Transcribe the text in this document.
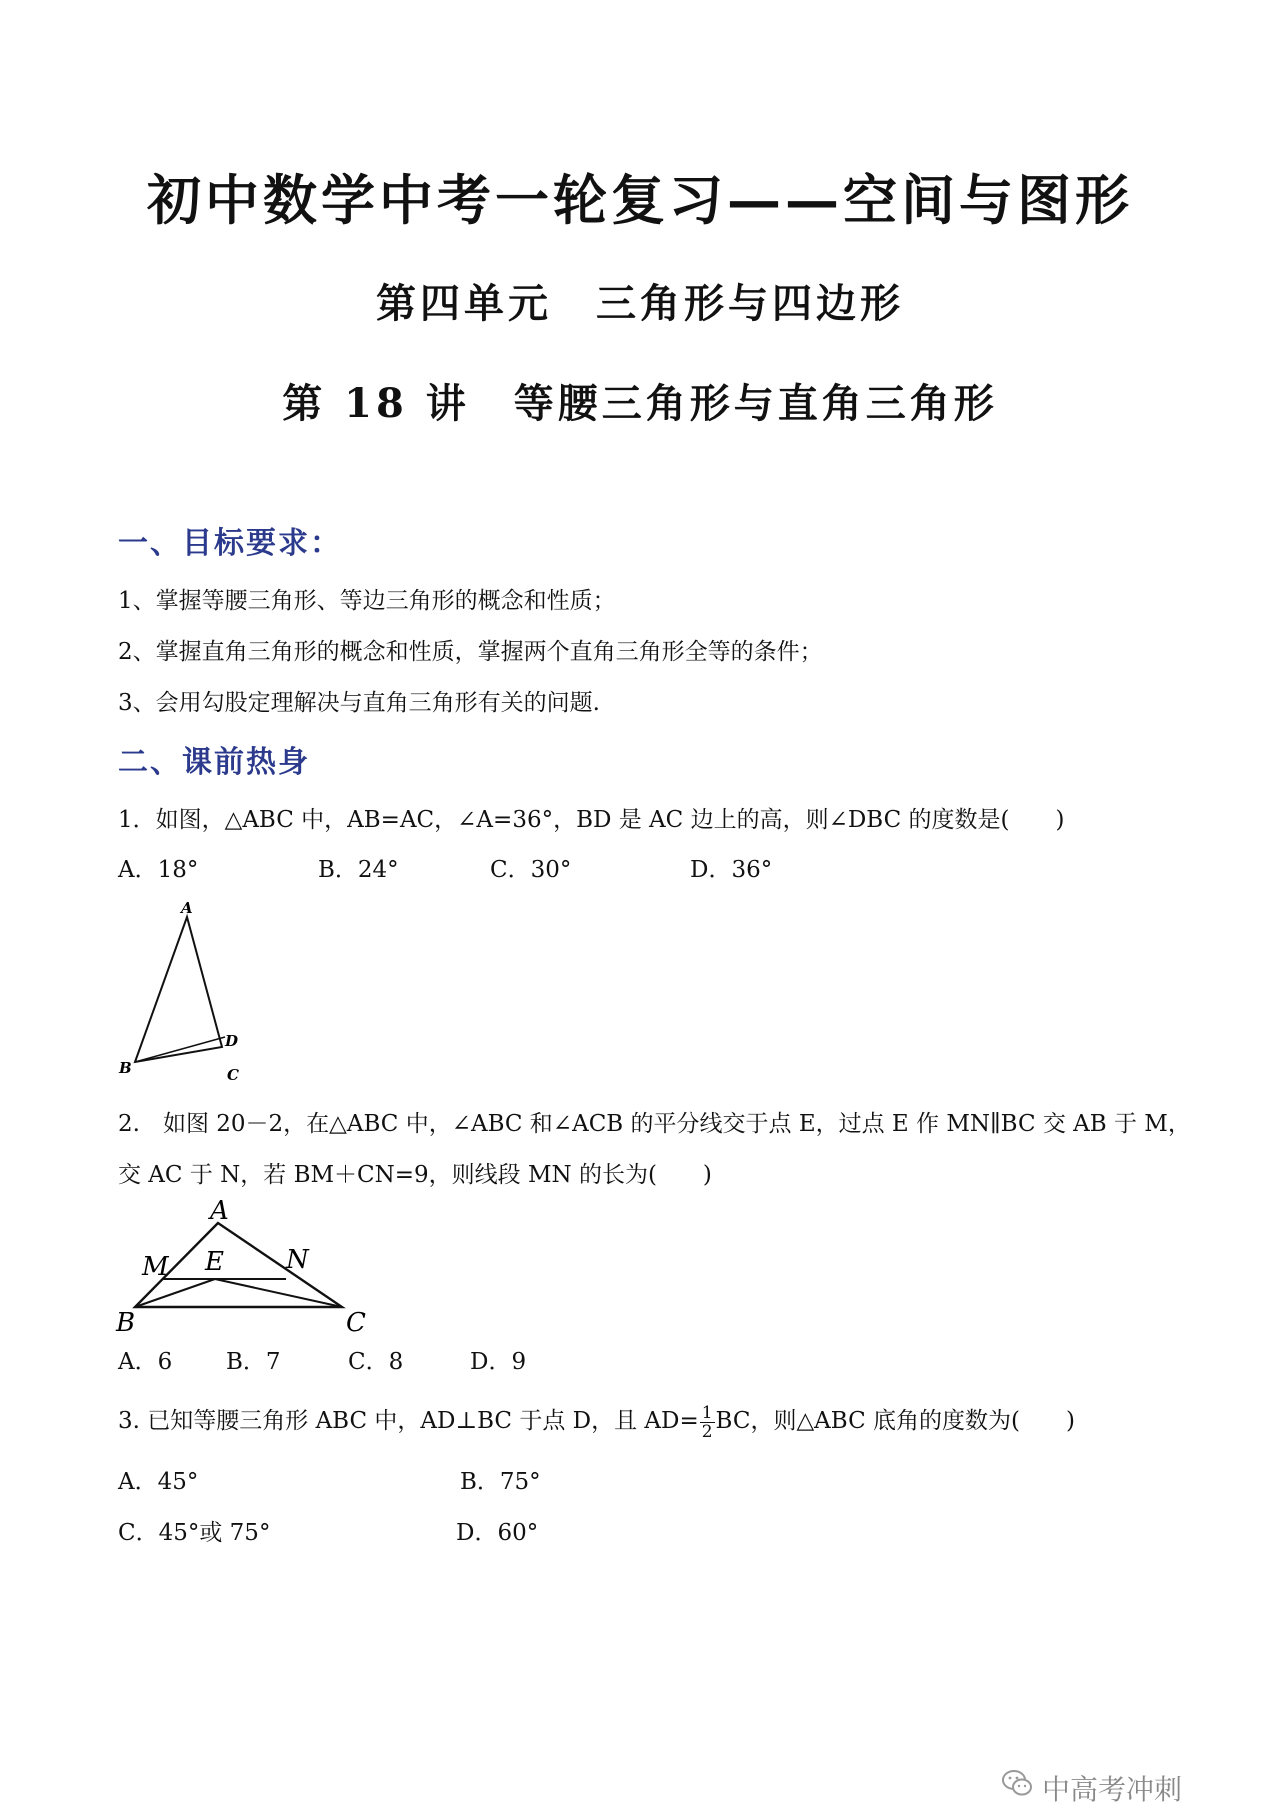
初中数学中考一轮复习——空间与图形
第四单元　三角形与四边形
第 18 讲　等腰三角形与直角三角形
一、目标要求：
1、掌握等腰三角形、等边三角形的概念和性质；
2、掌握直角三角形的概念和性质，掌握两个直角三角形全等的条件；
3、会用勾股定理解决与直角三角形有关的问题.
二、课前热身
1．如图，△ABC 中，AB=AC，∠A=36°，BD 是 AC 边上的高，则∠DBC 的度数是(　　)
A．18°	B．24°	C．30°	D．36°
A
B	C
D
2.　如图 20－2，在△ABC 中，∠ABC 和∠ACB 的平分线交于点 E，过点 E 作 MN∥BC 交 AB 于 M，
交 AC 于 N，若 BM＋CN=9，则线段 MN 的长为(　　)
A
M E N
B	C
A．6 B．7	C．8	D．9
3. 已知等腰三角形 ABC 中，AD⊥BC 于点 D，且 $AD= \frac{1}{2}$ BC，则△ABC 底角的度数为(　　)
A．45°	B．75°
C．45°或 75°	D．60°
中高考冲刺
